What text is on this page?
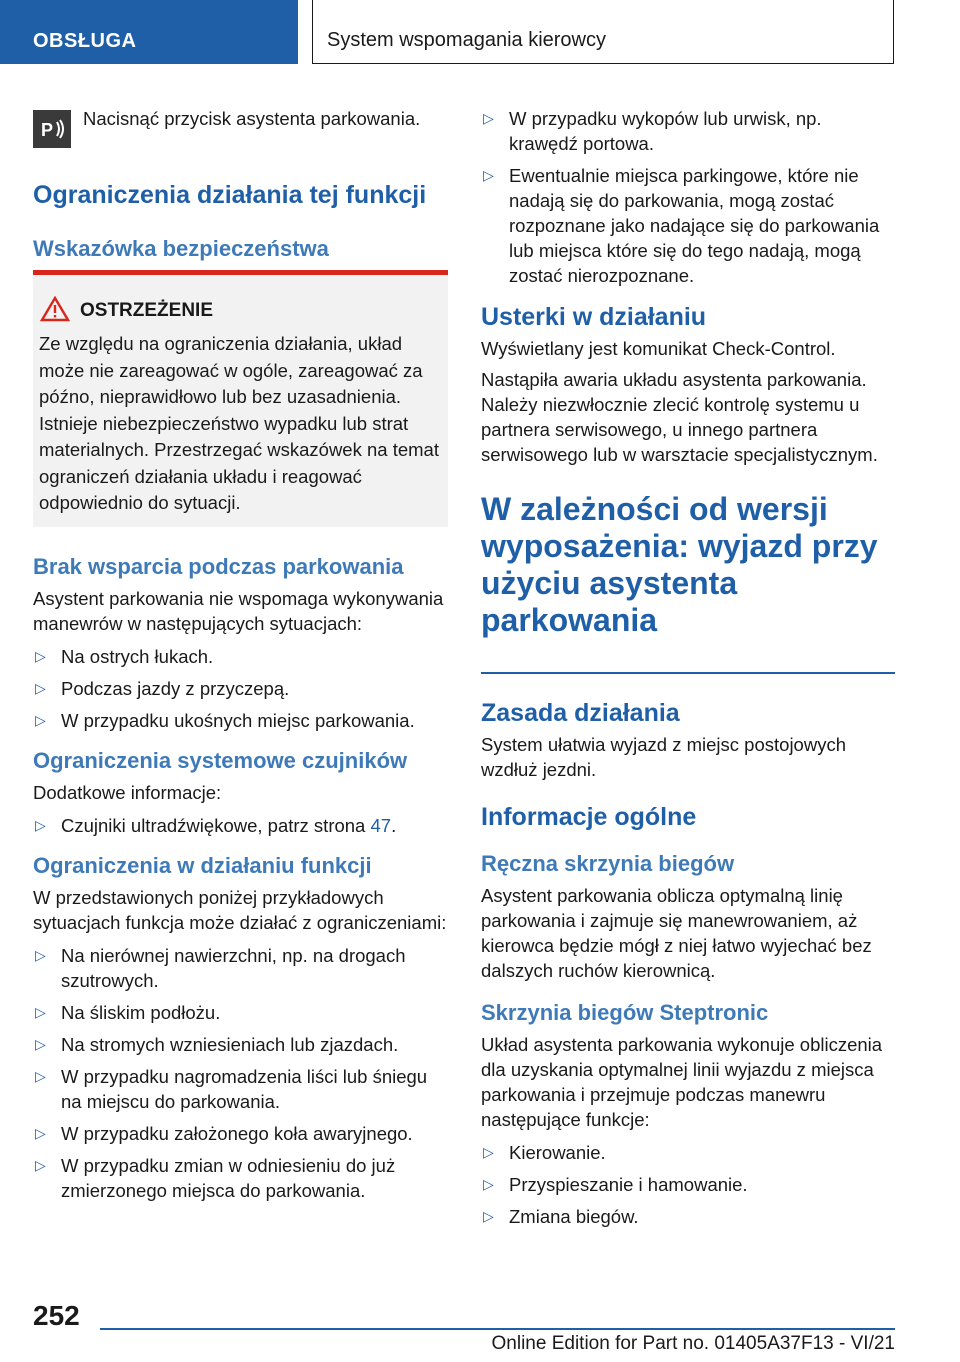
OBSŁUGA	System wspomagania kierowcy
P
Nacisnąć przycisk asystenta parkowania.
Ograniczenia działania tej funkcji
Wskazówka bezpieczeństwa
OSTRZEŻENIE
Ze względu na ograniczenia działania, układ może nie zareagować w ogóle, zareagować za późno, nieprawidłowo lub bez uzasadnienia. Istnieje niebezpieczeństwo wypadku lub strat materialnych. Przestrzegać wskazówek na temat ograniczeń działania układu i reagować odpowiednio do sytuacji.
Brak wsparcia podczas parkowania
Asystent parkowania nie wspomaga wykonywania manewrów w następujących sytuacjach:
▷ Na ostrych łukach.
▷ Podczas jazdy z przyczepą.
▷ W przypadku ukośnych miejsc parkowania.
Ograniczenia systemowe czujników
Dodatkowe informacje:
▷ Czujniki ultradźwiękowe, patrz strona 47.
Ograniczenia w działaniu funkcji
W przedstawionych poniżej przykładowych sytuacjach funkcja może działać z ograniczeniami:
▷ Na nierównej nawierzchni, np. na drogach szutrowych.
▷ Na śliskim podłożu.
▷ Na stromych wzniesieniach lub zjazdach.
▷ W przypadku nagromadzenia liści lub śniegu na miejscu do parkowania.
▷ W przypadku założonego koła awaryjnego.
▷ W przypadku zmian w odniesieniu do już zmierzonego miejsca do parkowania.
▷ W przypadku wykopów lub urwisk, np. krawędź portowa.
▷ Ewentualnie miejsca parkingowe, które nie nadają się do parkowania, mogą zostać rozpoznane jako nadające się do parkowania lub miejsca które się do tego nadają, mogą zostać nierozpoznane.
Usterki w działaniu
Wyświetlany jest komunikat Check-Control.
Nastąpiła awaria układu asystenta parkowania. Należy niezwłocznie zlecić kontrolę systemu u partnera serwisowego, u innego partnera serwisowego lub w warsztacie specjalistycznym.
W zależności od wersji wyposażenia: wyjazd przy użyciu asystenta parkowania
Zasada działania
System ułatwia wyjazd z miejsc postojowych wzdłuż jezdni.
Informacje ogólne
Ręczna skrzynia biegów
Asystent parkowania oblicza optymalną linię parkowania i zajmuje się manewrowaniem, aż kierowca będzie mógł z niej łatwo wyjechać bez dalszych ruchów kierownicą.
Skrzynia biegów Steptronic
Układ asystenta parkowania wykonuje obliczenia dla uzyskania optymalnej linii wyjazdu z miejsca parkowania i przejmuje podczas manewru następujące funkcje:
▷ Kierowanie.
▷ Przyspieszanie i hamowanie.
▷ Zmiana biegów.
252
Online Edition for Part no. 01405A37F13 - VI/21
